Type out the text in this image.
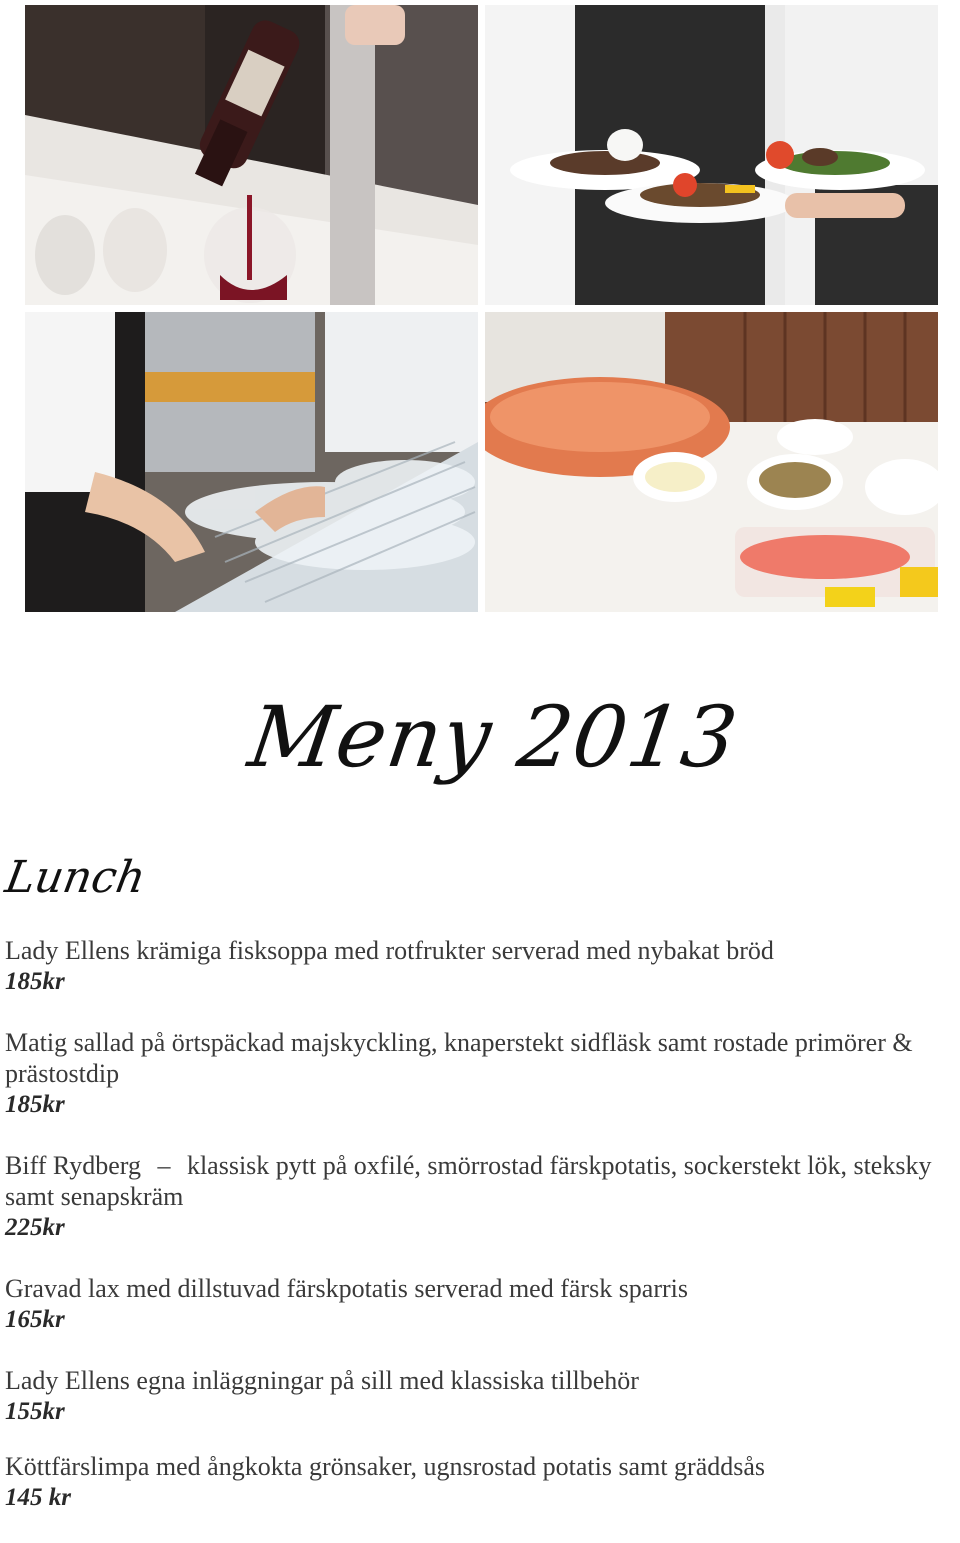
Meny 2013
Lunch
Lady Ellens krämiga fisksoppa med rotfrukter serverad med nybakat bröd
185kr
Matig sallad på örtspäckad majskyckling, knaperstekt sidfläsk samt rostade primörer & prästostdip
185kr
Biff Rydberg – klassisk pytt på oxfilé, smörrostad färskpotatis, sockerstekt lök, steksky samt senapskräm
225kr
Gravad lax med dillstuvad färskpotatis serverad med färsk sparris
165kr
Lady Ellens egna inläggningar på sill med klassiska tillbehör
155kr
Köttfärslimpa med ångkokta grönsaker, ugnsrostad potatis samt gräddsås
145 kr
